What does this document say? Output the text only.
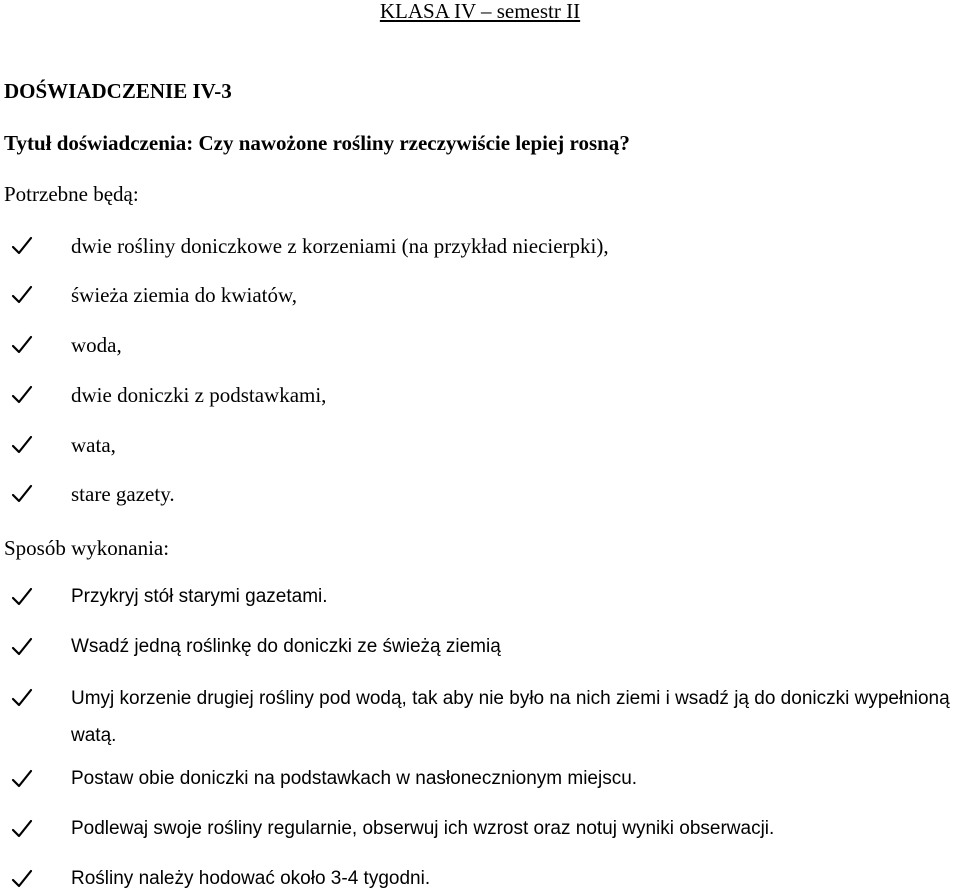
KLASA IV – semestr II
DOŚWIADCZENIE IV-3
Tytuł doświadczenia: Czy nawożone rośliny rzeczywiście lepiej rosną?
Potrzebne będą:
dwie rośliny doniczkowe z korzeniami (na przykład niecierpki),
świeża ziemia do kwiatów,
woda,
dwie doniczki z podstawkami,
wata,
stare gazety.
Sposób wykonania:
Przykryj stół starymi gazetami.
Wsadź jedną roślinkę do doniczki ze świeżą ziemią
Umyj korzenie drugiej rośliny pod wodą, tak aby nie było na nich ziemi i wsadź ją do doniczki wypełnioną watą.
Postaw obie doniczki na podstawkach w nasłonecznionym miejscu.
Podlewaj swoje rośliny regularnie, obserwuj ich wzrost oraz notuj wyniki obserwacji.
Rośliny należy hodować około 3-4 tygodni.
